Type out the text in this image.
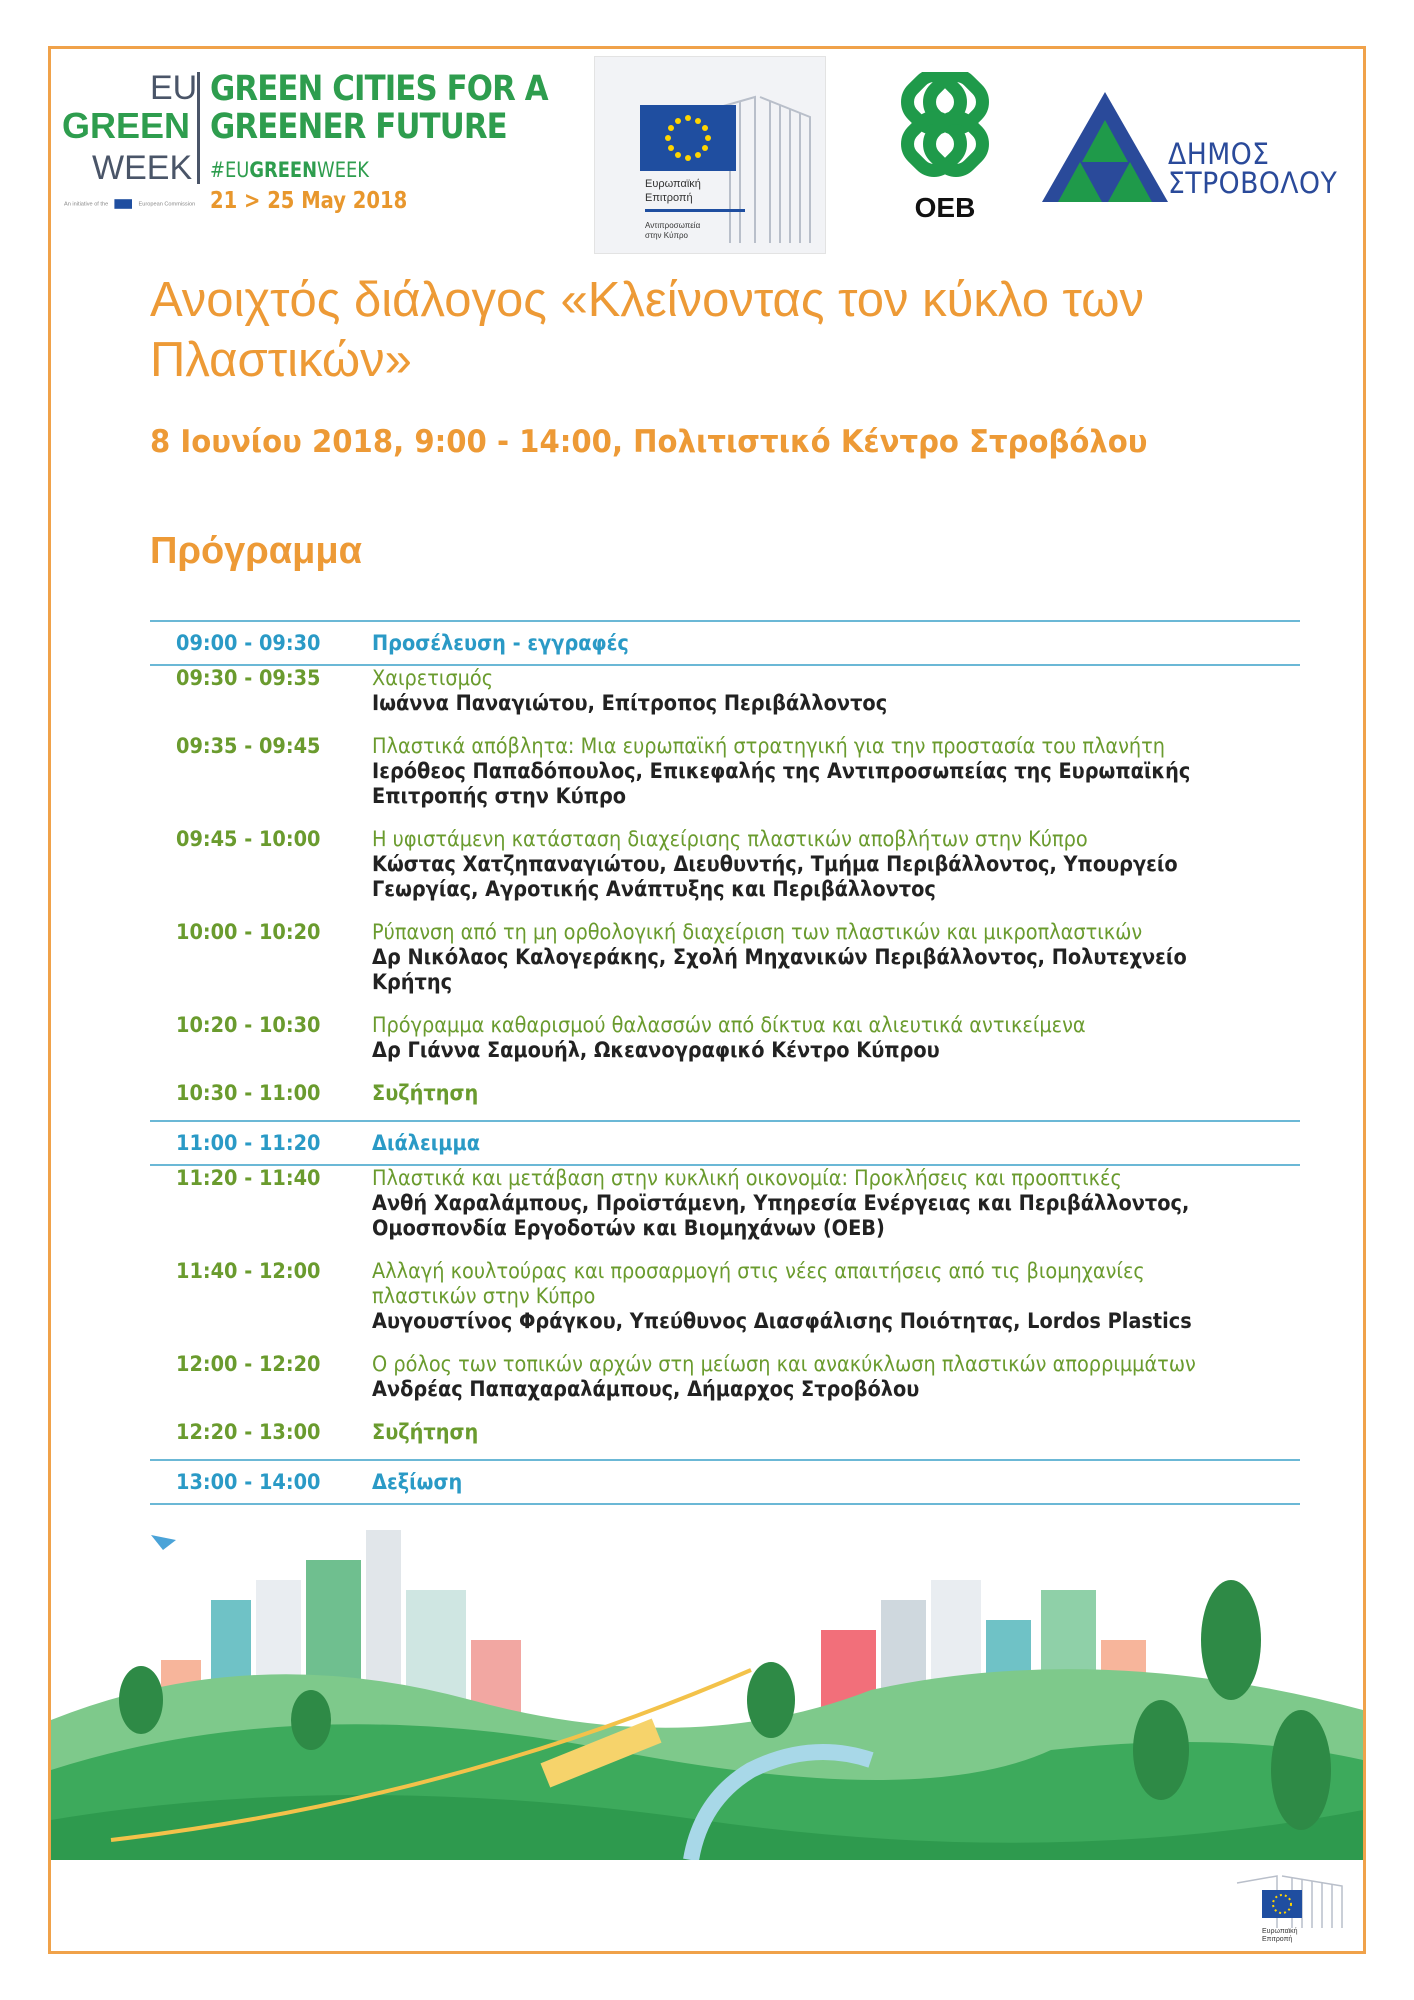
EU
GREEN
WEEK
GREEN CITIES FOR A
GREENER FUTURE
#EUGREENWEEK
21 > 25 May 2018
An initiative of the	European Commission
Ευρωπαϊκή
Επιτροπή
Αντιπροσωπεία
στην Κύπρο
OEB
ΔΗΜΟΣ
ΣΤΡΟΒΟΛΟΥ
Ανοιχτός διάλογος «Κλείνοντας τον κύκλο των
Πλαστικών»
8 Ιουνίου 2018, 9:00 - 14:00, Πολιτιστικό Κέντρο Στροβόλου
Πρόγραμμα
09:00 - 09:30 Προσέλευση - εγγραφές
09:30 - 09:35 Χαιρετισμός
Ιωάννα Παναγιώτου, Επίτροπος Περιβάλλοντος
09:35 - 09:45 Πλαστικά απόβλητα: Μια ευρωπαϊκή στρατηγική για την προστασία του πλανήτη
Ιερόθεος Παπαδόπουλος, Επικεφαλής της Αντιπροσωπείας της Ευρωπαϊκής
Επιτροπής στην Κύπρο
09:45 - 10:00 Η υφιστάμενη κατάσταση διαχείρισης πλαστικών αποβλήτων στην Κύπρο
Κώστας Χατζηπαναγιώτου, Διευθυντής, Τμήμα Περιβάλλοντος, Υπουργείο
Γεωργίας, Αγροτικής Ανάπτυξης και Περιβάλλοντος
10:00 - 10:20 Ρύπανση από τη μη ορθολογική διαχείριση των πλαστικών και μικροπλαστικών
Δρ Νικόλαος Καλογεράκης, Σχολή Μηχανικών Περιβάλλοντος, Πολυτεχνείο
Κρήτης
10:20 - 10:30 Πρόγραμμα καθαρισμού θαλασσών από δίκτυα και αλιευτικά αντικείμενα
Δρ Γιάννα Σαμουήλ, Ωκεανογραφικό Κέντρο Κύπρου
10:30 - 11:00 Συζήτηση
11:00 - 11:20 Διάλειμμα
11:20 - 11:40 Πλαστικά και μετάβαση στην κυκλική οικονομία: Προκλήσεις και προοπτικές
Ανθή Χαραλάμπους, Προϊστάμενη, Υπηρεσία Ενέργειας και Περιβάλλοντος,
Ομοσπονδία Εργοδοτών και Βιομηχάνων (ΟΕΒ)
11:40 - 12:00 Αλλαγή κουλτούρας και προσαρμογή στις νέες απαιτήσεις από τις βιομηχανίες
πλαστικών στην Κύπρο
Αυγουστίνος Φράγκου, Υπεύθυνος Διασφάλισης Ποιότητας, Lordos Plastics
12:00 - 12:20 Ο ρόλος των τοπικών αρχών στη μείωση και ανακύκλωση πλαστικών απορριμμάτων
Ανδρέας Παπαχαραλάμπους, Δήμαρχος Στροβόλου
12:20 - 13:00 Συζήτηση
13:00 - 14:00 Δεξίωση
Ευρωπαϊκή
Επιτροπή
